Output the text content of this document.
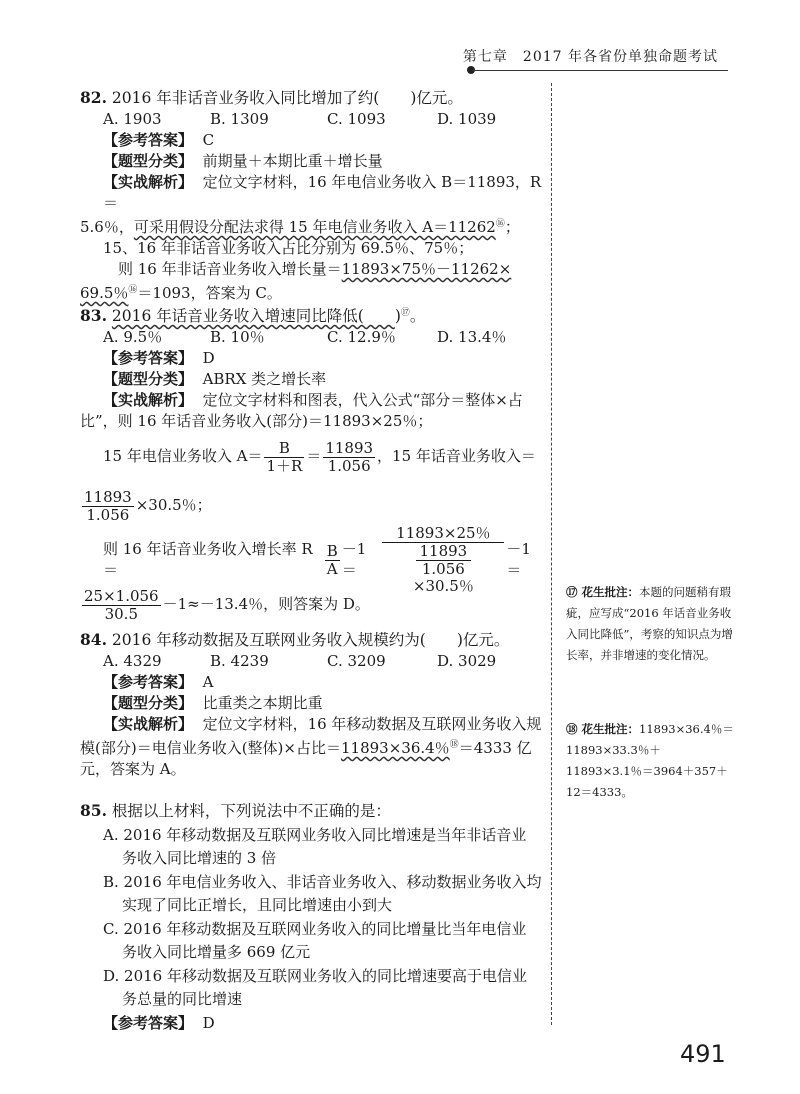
第七章　2017 年各省份单独命题考试
82. 2016 年非话音业务收入同比增加了约(　　)亿元。
A. 1903	B. 1309	C. 1093	D. 1039
【参考答案】 C
【题型分类】 前期量＋本期比重＋增长量
【实战解析】 定位文字材料，16 年电信业务收入 B＝11893，R＝
5.6％，可采用假设分配法求得 15 年电信业务收入 A＝11262⑯；
15、16 年非话音业务收入占比分别为 69.5％、75％；
则 16 年非话音业务收入增长量＝11893×75％－11262×
69.5％⑯＝1093，答案为 C。
83. 2016 年话音业务收入增速同比降低(　　 )⑰。
A. 9.5％	B. 10％	C. 12.9％	D. 13.4％
【参考答案】 D
【题型分类】 ABRX 类之增长率
【实战解析】 定位文字材料和图表，代入公式“部分＝整体×占
比”，则 16 年话音业务收入(部分)＝11893×25％；
15 年电信业务收入 $A= \frac{B}{1+R} = \frac{11893}{1.056}$ ，15 年话音业务收入＝
$\frac{11893}{1.056} \times 30.5$％；
则 16 年话音业务收入增长率 R＝	$\frac{B}{A} -1=$	11893×25％
$\frac{11893}{1.056}$
×30.5％ －1＝
$\frac{25\times 1.056}{30.5} -1\approx-13.4$％，则答案为 D。
84. 2016 年移动数据及互联网业务收入规模约为(　　)亿元。
A. 4329	B. 4239	C. 3209	D. 3029
【参考答案】 A
【题型分类】 比重类之本期比重
【实战解析】 定位文字材料，16 年移动数据及互联网业务收入规
模(部分)＝电信业务收入(整体)×占比＝11893×36.4％⑱＝4333 亿
元，答案为 A。
85. 根据以上材料，下列说法中不正确的是：
A. 2016 年移动数据及互联网业务收入同比增速是当年非话音业
务收入同比增速的 3 倍
B. 2016 年电信业务收入、非话音业务收入、移动数据业务收入均
实现了同比正增长，且同比增速由小到大
C. 2016 年移动数据及互联网业务收入的同比增量比当年电信业
务收入同比增量多 669 亿元
D. 2016 年移动数据及互联网业务收入的同比增速要高于电信业
务总量的同比增速
【参考答案】 D
⑰ 花生批注：本题的问题稍有瑕疵，应写成“2016 年话音业务收入同比降低”，考察的知识点为增长率，并非增速的变化情况。
⑱ 花生批注：11893×36.4％＝11893×33.3％＋11893×3.1％＝3964＋357＋12＝4333。
491
